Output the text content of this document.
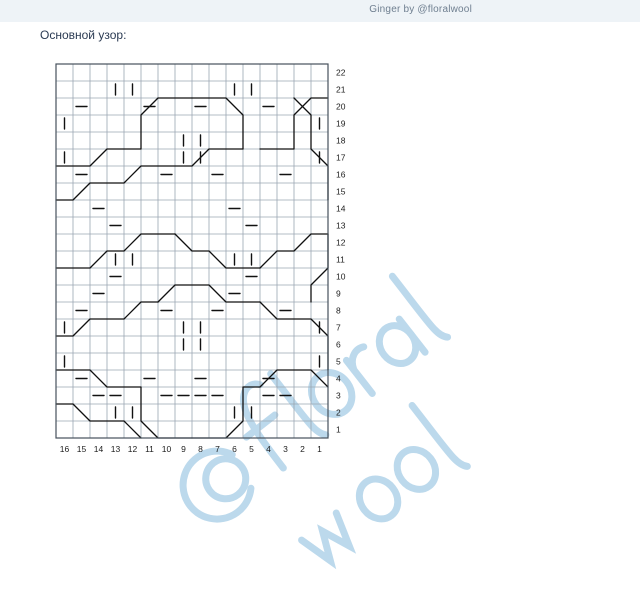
Ginger by @floralwool
Основной узор:
22
21
20
19
18
17
16
15
14
13
12
11
10
9
8
7
6
5
4
3
2
1
16 15 14 13 12 11 10 9 8 7 6 5 4 3 2 1
